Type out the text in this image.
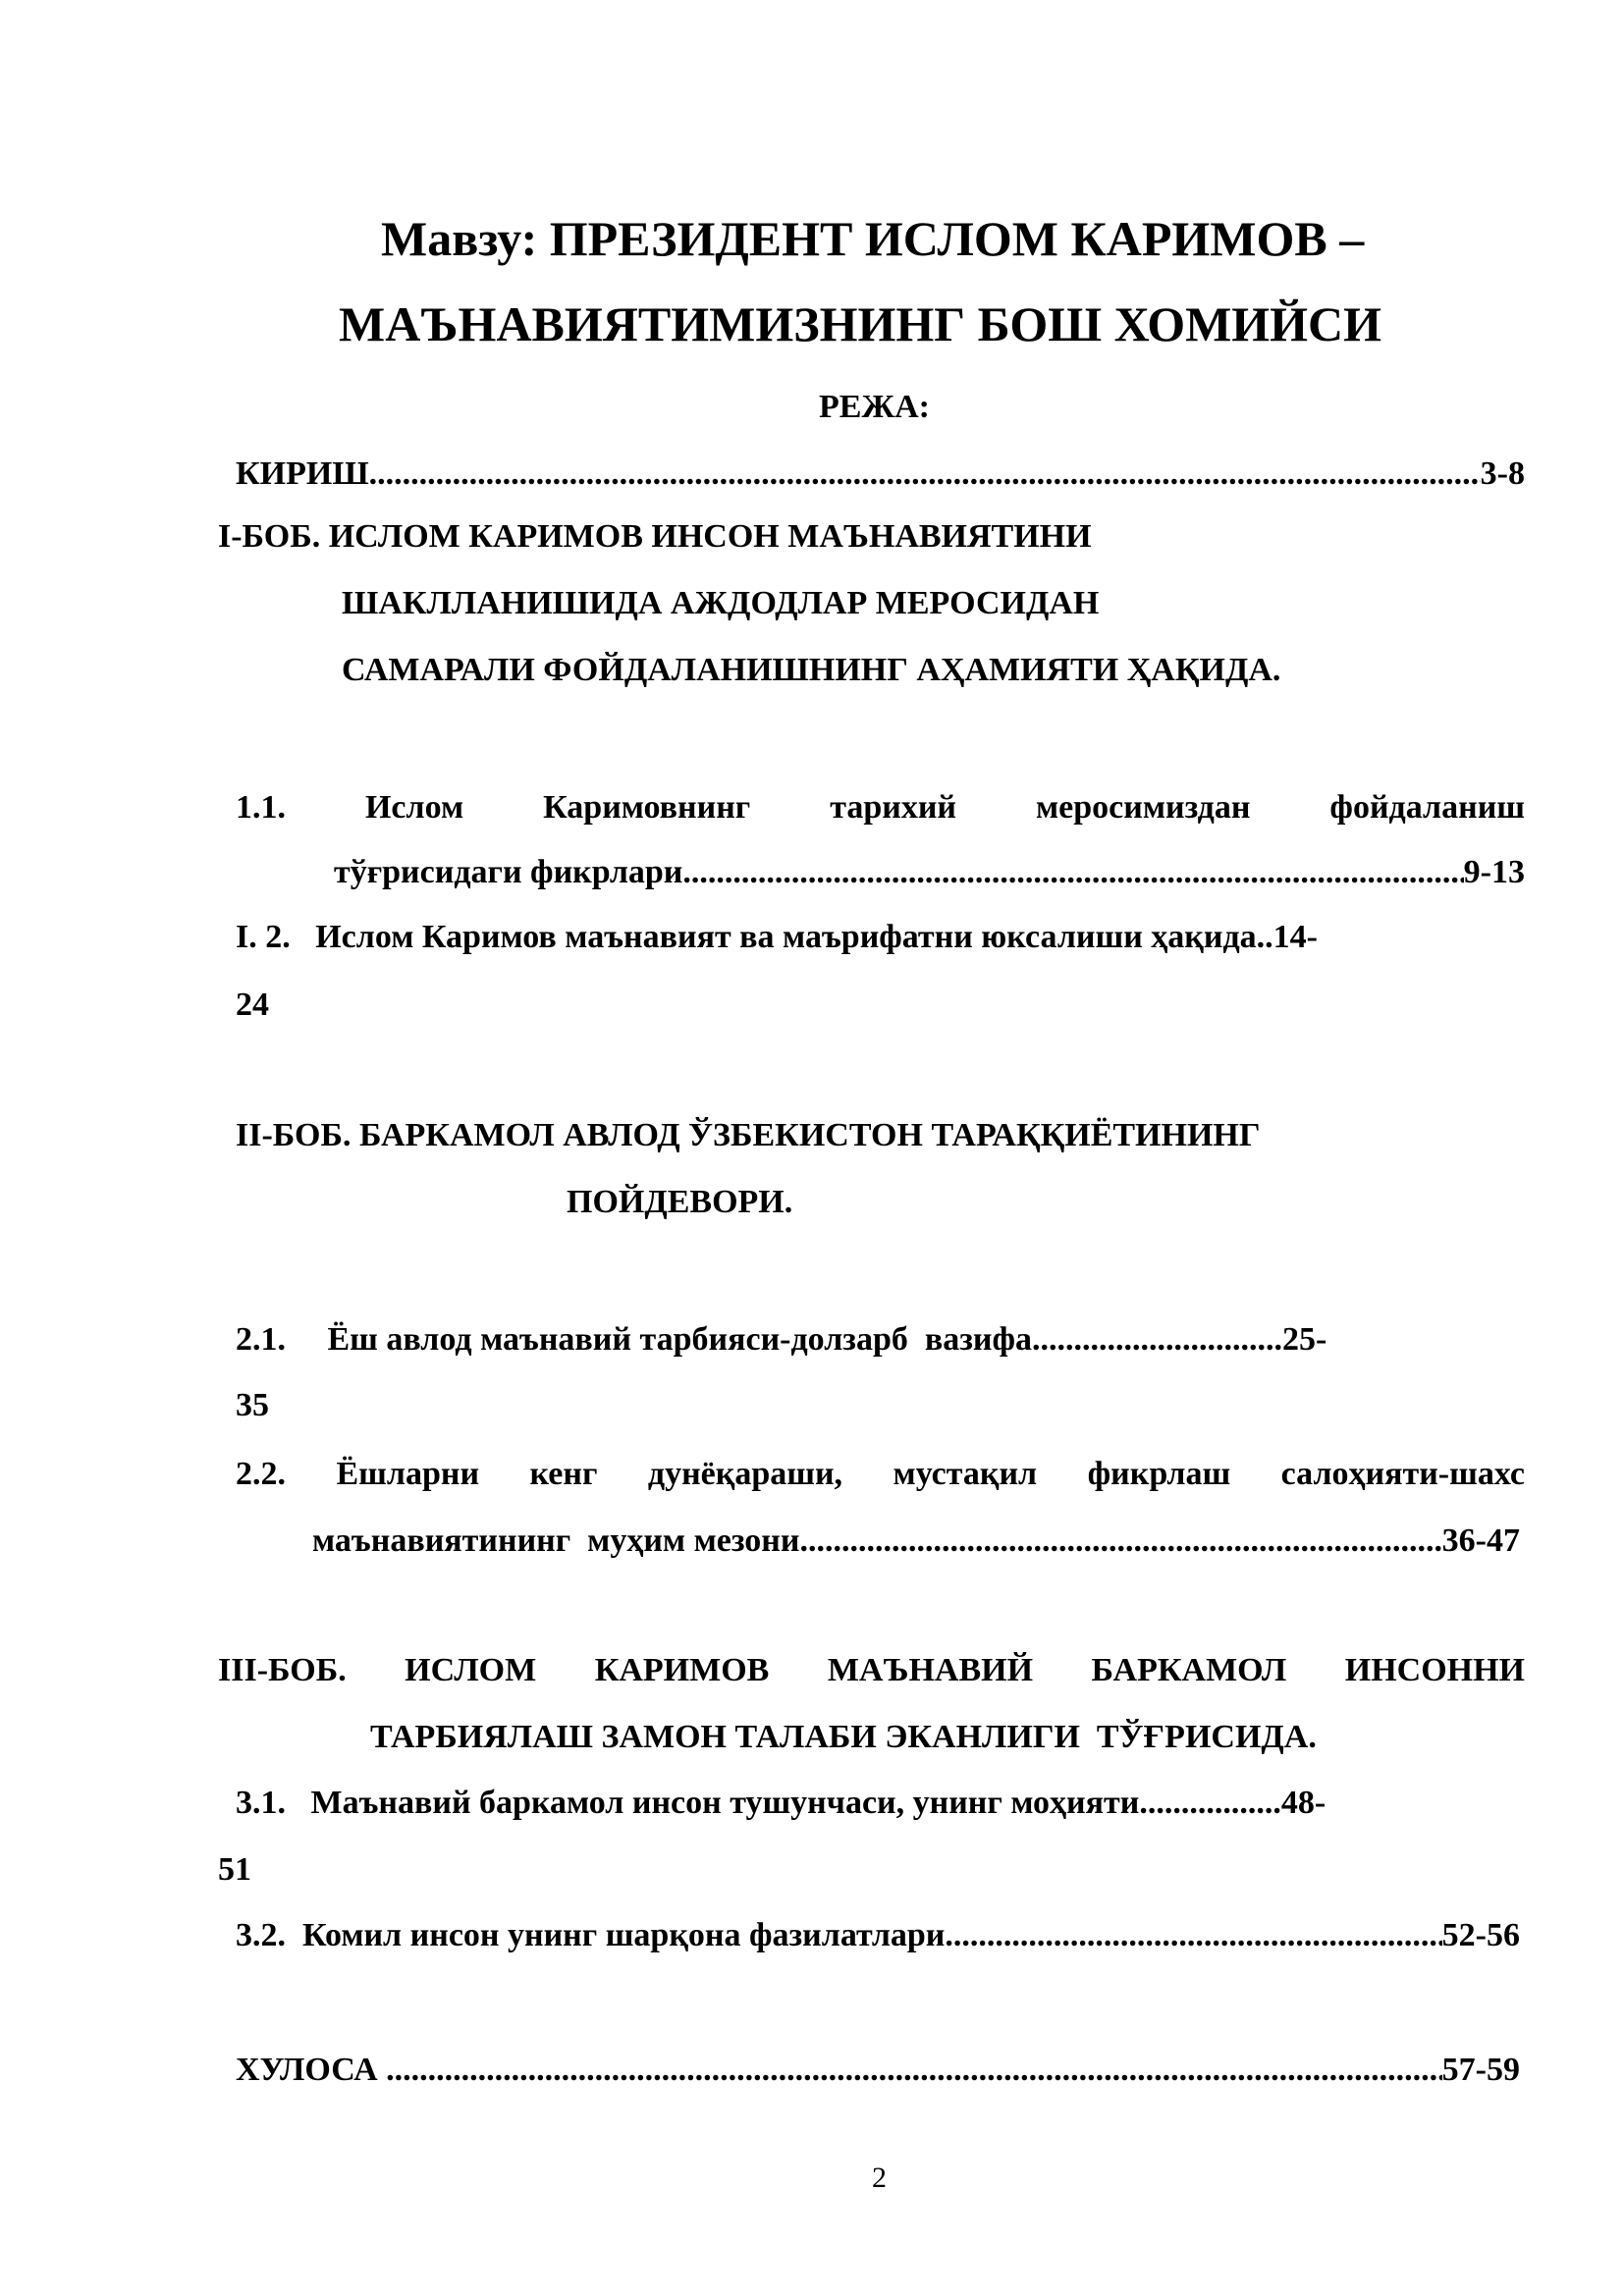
Мавзу: ПРЕЗИДЕНТ ИСЛОМ КАРИМОВ –
МАЪНАВИЯТИМИЗНИНГ БОШ ХОМИЙСИ
РЕЖА:
КИРИШ .....	3-8
I-БОБ. ИСЛОМ КАРИМОВ ИНСОН МАЪНАВИЯТИНИ
ШАКЛЛАНИШИДА АЖДОДЛАР МЕРОСИДАН
САМАРАЛИ ФОЙДАЛАНИШНИНГ АҲАМИЯТИ ҲАҚИДА.
1.1. Ислом Каримовнинг тарихий меросимиздан фойдаланиш
тўғрисидаги фикрлари .....	9-13
I. 2.   Ислом Каримов маънавият ва маърифатни юксалиши ҳақида..14-
24
II-БОБ. БАРКАМОЛ АВЛОД ЎЗБЕКИСТОН ТАРАҚҚИЁТИНИНГ
ПОЙДЕВОРИ.
2.1.     Ёш авлод маънавий тарбияси-долзарб  вазифа..............................25-
35
2.2. Ёшларни кенг дунёқараши, мустақил фикрлаш салоҳияти-шахс
маънавиятининг  муҳим мезони .....	36-47
III-БОБ. ИСЛОМ КАРИМОВ МАЪНАВИЙ БАРКАМОЛ ИНСОННИ
ТАРБИЯЛАШ ЗАМОН ТАЛАБИ ЭКАНЛИГИ  ТЎҒРИСИДА.
3.1.   Маънавий баркамол инсон тушунчаси, унинг моҳияти.................48-
51
3.2.  Комил инсон унинг шарқона фазилатлари .....	52-56
ХУЛОСА .....	57-59
2
